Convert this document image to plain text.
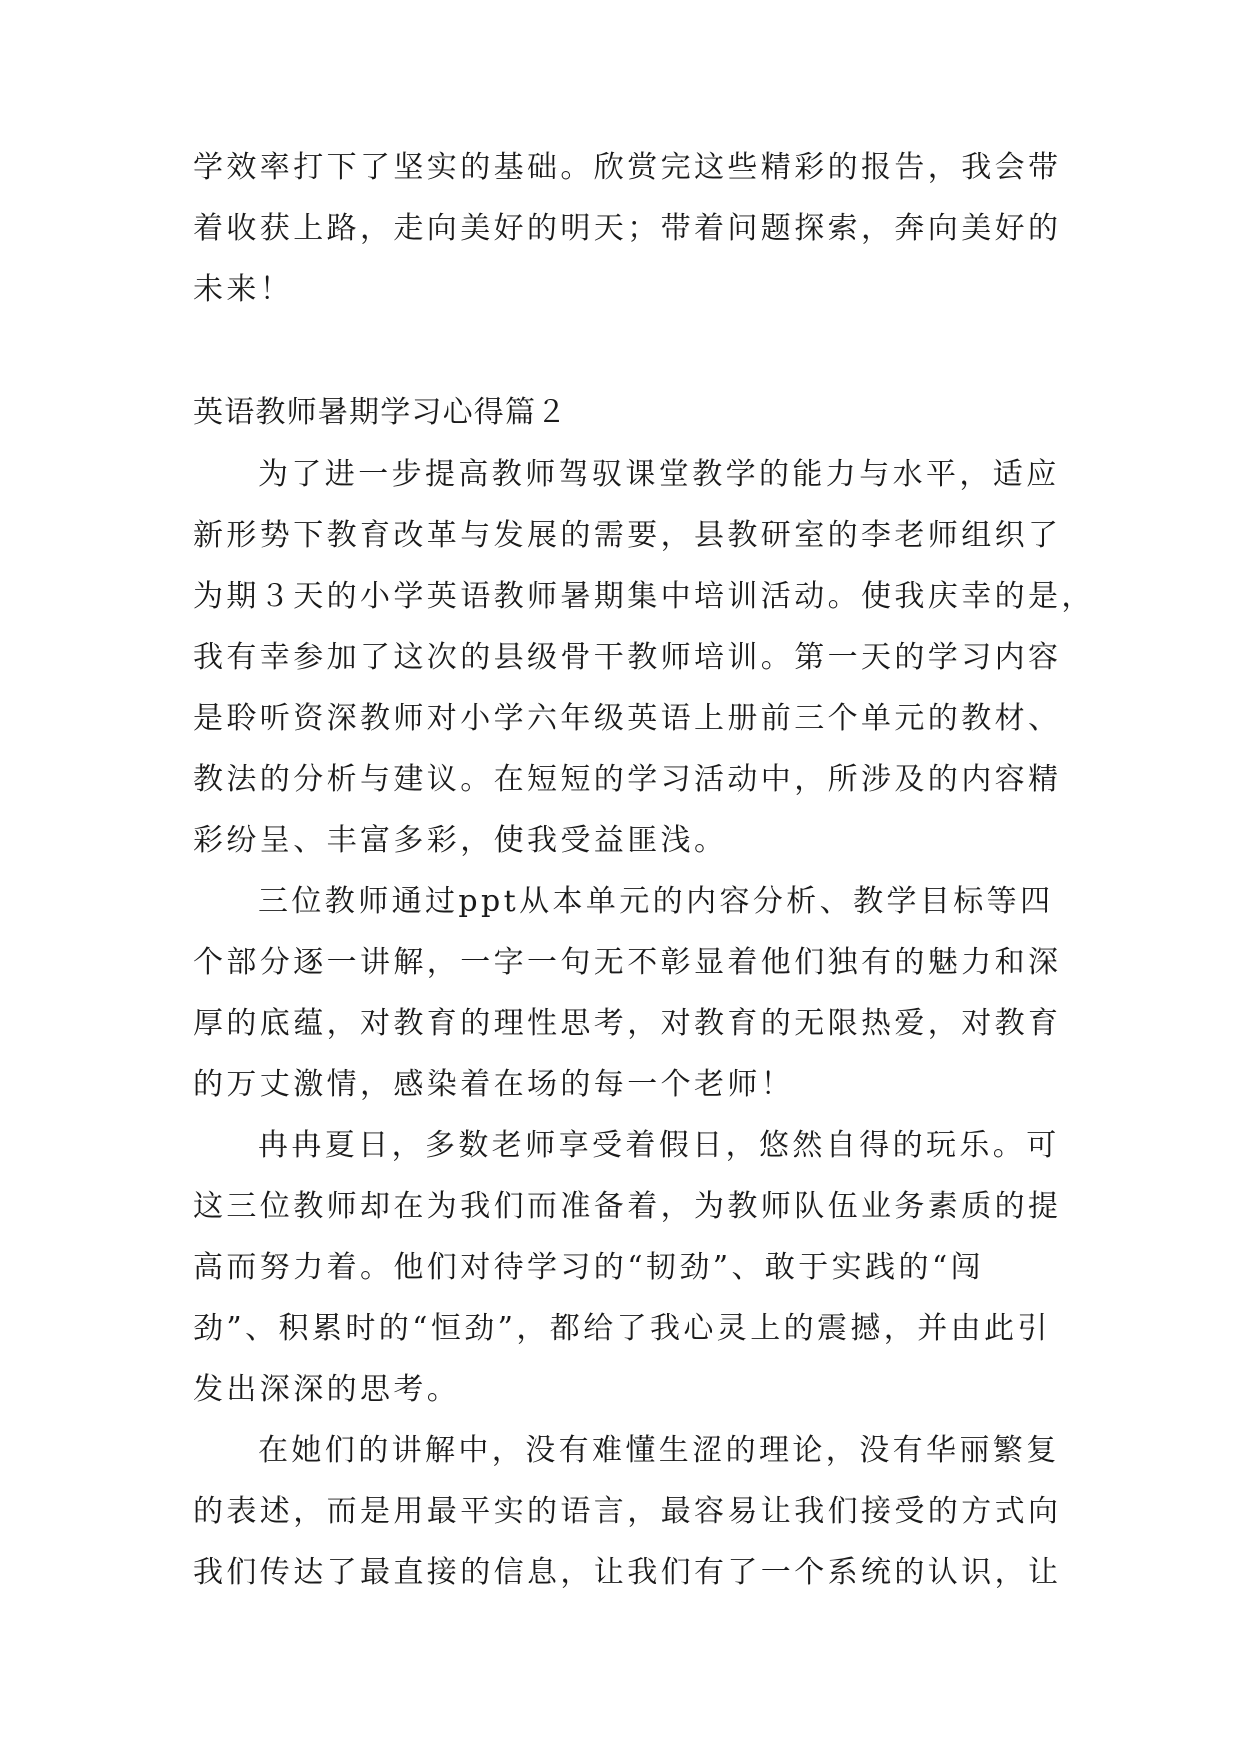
学效率打下了坚实的基础。欣赏完这些精彩的报告，我会带

着收获上路，走向美好的明天；带着问题探索，奔向美好的

未来！

英语教师暑期学习心得篇２

为了进一步提高教师驾驭课堂教学的能力与水平，适应

新形势下教育改革与发展的需要，县教研室的李老师组织了

为期３天的小学英语教师暑期集中培训活动。使我庆幸的是，

我有幸参加了这次的县级骨干教师培训。第一天的学习内容

是聆听资深教师对小学六年级英语上册前三个单元的教材、

教法的分析与建议。在短短的学习活动中，所涉及的内容精

彩纷呈、丰富多彩，使我受益匪浅。

三位教师通过ppt从本单元的内容分析、教学目标等四

个部分逐一讲解，一字一句无不彰显着他们独有的魅力和深

厚的底蕴，对教育的理性思考，对教育的无限热爱，对教育

的万丈激情，感染着在场的每一个老师！

冉冉夏日，多数老师享受着假日，悠然自得的玩乐。可

这三位教师却在为我们而准备着，为教师队伍业务素质的提

高而努力着。他们对待学习的“韧劲”、敢于实践的“闯

劲”、积累时的“恒劲”，都给了我心灵上的震撼，并由此引

发出深深的思考。

在她们的讲解中，没有难懂生涩的理论，没有华丽繁复

的表述，而是用最平实的语言，最容易让我们接受的方式向

我们传达了最直接的信息，让我们有了一个系统的认识，让
